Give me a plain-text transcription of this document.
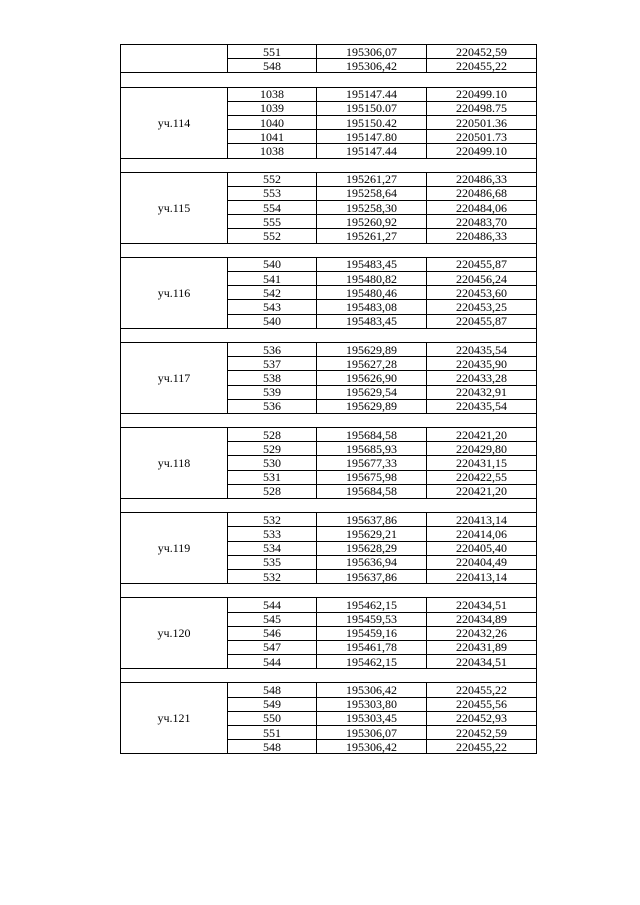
	551	195306,07	220452,59
	548	195306,42	220455,22

уч.114	1038	195147.44	220499.10
	1039	195150.07	220498.75
	1040	195150.42	220501.36
	1041	195147.80	220501.73
	1038	195147.44	220499.10

уч.115	552	195261,27	220486,33
	553	195258,64	220486,68
	554	195258,30	220484,06
	555	195260,92	220483,70
	552	195261,27	220486,33

уч.116	540	195483,45	220455,87
	541	195480,82	220456,24
	542	195480,46	220453,60
	543	195483,08	220453,25
	540	195483,45	220455,87

уч.117	536	195629,89	220435,54
	537	195627,28	220435,90
	538	195626,90	220433,28
	539	195629,54	220432,91
	536	195629,89	220435,54

уч.118	528	195684,58	220421,20
	529	195685,93	220429,80
	530	195677,33	220431,15
	531	195675,98	220422,55
	528	195684,58	220421,20

уч.119	532	195637,86	220413,14
	533	195629,21	220414,06
	534	195628,29	220405,40
	535	195636,94	220404,49
	532	195637,86	220413,14

уч.120	544	195462,15	220434,51
	545	195459,53	220434,89
	546	195459,16	220432,26
	547	195461,78	220431,89
	544	195462,15	220434,51

уч.121	548	195306,42	220455,22
	549	195303,80	220455,56
	550	195303,45	220452,93
	551	195306,07	220452,59
	548	195306,42	220455,22
